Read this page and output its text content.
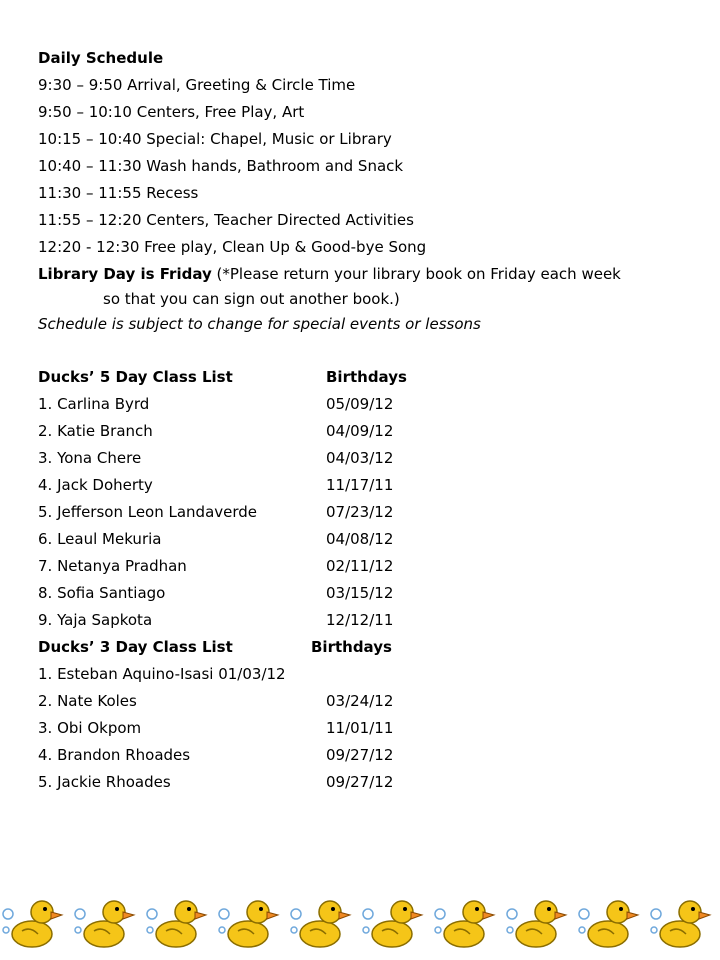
Daily Schedule
9:30 – 9:50 Arrival, Greeting & Circle Time
9:50 – 10:10 Centers, Free Play, Art
10:15 – 10:40 Special: Chapel, Music or Library
10:40 – 11:30 Wash hands, Bathroom and Snack
11:30 – 11:55 Recess
11:55 – 12:20 Centers, Teacher Directed Activities
12:20 - 12:30 Free play, Clean Up & Good-bye Song
Library Day is Friday (*Please return your library book on Friday each week
so that you can sign out another book.)
Schedule is subject to change for special events or lessons
Ducks’ 5 Day Class List	Birthdays
1. Carlina Byrd	05/09/12
2. Katie Branch	04/09/12
3. Yona Chere	04/03/12
4. Jack Doherty	11/17/11
5. Jefferson Leon Landaverde	07/23/12
6. Leaul Mekuria	04/08/12
7. Netanya Pradhan	02/11/12
8. Sofia Santiago	03/15/12
9. Yaja Sapkota	12/12/11
Ducks’ 3 Day Class List	Birthdays
1. Esteban Aquino-Isasi 01/03/12
2. Nate Koles	03/24/12
3. Obi Okpom	11/01/11
4. Brandon Rhoades	09/27/12
5. Jackie Rhoades	09/27/12
